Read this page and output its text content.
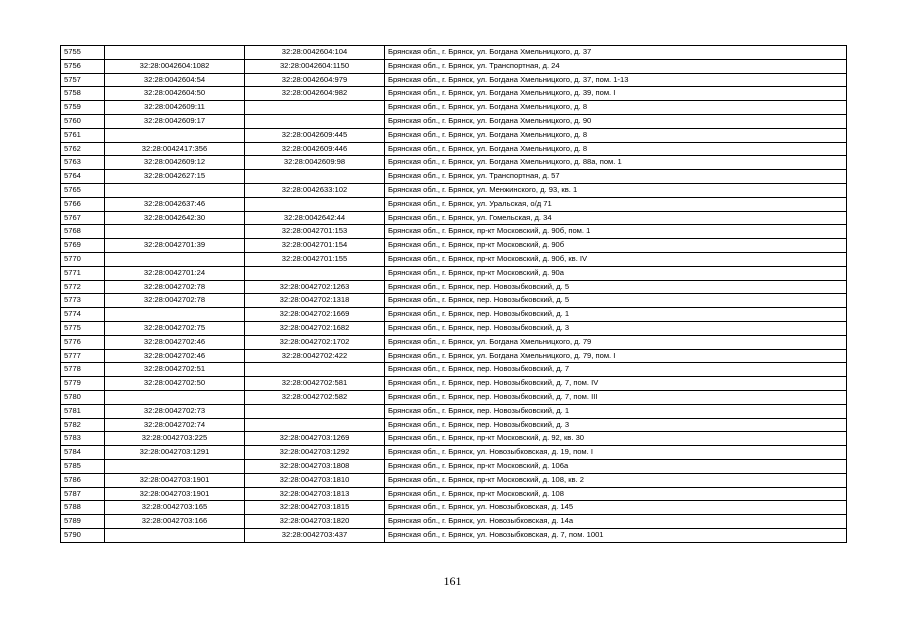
5755		32:28:0042604:104	Брянская обл., г. Брянск, ул. Богдана Хмельницкого, д. 37
5756	32:28:0042604:1082	32:28:0042604:1150	Брянская обл., г. Брянск, ул. Транспортная, д. 24
5757	32:28:0042604:54	32:28:0042604:979	Брянская обл., г. Брянск, ул. Богдана Хмельницкого, д. 37, пом. 1-13
5758	32:28:0042604:50	32:28:0042604:982	Брянская обл., г. Брянск, ул. Богдана Хмельницкого, д. 39, пом. I
5759	32:28:0042609:11		Брянская обл., г. Брянск, ул. Богдана Хмельницкого, д. 8
5760	32:28:0042609:17		Брянская обл., г. Брянск, ул. Богдана Хмельницкого, д. 90
5761		32:28:0042609:445	Брянская обл., г. Брянск, ул. Богдана Хмельницкого, д. 8
5762	32:28:0042417:356	32:28:0042609:446	Брянская обл., г. Брянск, ул. Богдана Хмельницкого, д. 8
5763	32:28:0042609:12	32:28:0042609:98	Брянская обл., г. Брянск, ул. Богдана Хмельницкого, д. 88а, пом. 1
5764	32:28:0042627:15		Брянская обл., г. Брянск, ул. Транспортная, д. 57
5765		32:28:0042633:102	Брянская обл., г. Брянск, ул. Менжинского, д. 93, кв. 1
5766	32:28:0042637:46		Брянская обл., г. Брянск, ул. Уральская, о/д 71
5767	32:28:0042642:30	32:28:0042642:44	Брянская обл., г. Брянск, ул. Гомельская, д. 34
5768		32:28:0042701:153	Брянская обл., г. Брянск, пр-кт Московский, д. 90б, пом. 1
5769	32:28:0042701:39	32:28:0042701:154	Брянская обл., г. Брянск, пр-кт Московский, д. 90б
5770		32:28:0042701:155	Брянская обл., г. Брянск, пр-кт Московский, д. 90б, кв. IV
5771	32:28:0042701:24		Брянская обл., г. Брянск, пр-кт Московский, д. 90а
5772	32:28:0042702:78	32:28:0042702:1263	Брянская обл., г. Брянск, пер. Новозыбковский, д. 5
5773	32:28:0042702:78	32:28:0042702:1318	Брянская обл., г. Брянск, пер. Новозыбковский, д. 5
5774		32:28:0042702:1669	Брянская обл., г. Брянск, пер. Новозыбковский, д. 1
5775	32:28:0042702:75	32:28:0042702:1682	Брянская обл., г. Брянск, пер. Новозыбковский, д. 3
5776	32:28:0042702:46	32:28:0042702:1702	Брянская обл., г. Брянск, ул. Богдана Хмельницкого, д. 79
5777	32:28:0042702:46	32:28:0042702:422	Брянская обл., г. Брянск, ул. Богдана Хмельницкого, д. 79, пом. I
5778	32:28:0042702:51		Брянская обл., г. Брянск, пер. Новозыбковский, д. 7
5779	32:28:0042702:50	32:28:0042702:581	Брянская обл., г. Брянск, пер. Новозыбковский, д. 7, пом. IV
5780		32:28:0042702:582	Брянская обл., г. Брянск, пер. Новозыбковский, д. 7, пом. III
5781	32:28:0042702:73		Брянская обл., г. Брянск, пер. Новозыбковский, д. 1
5782	32:28:0042702:74		Брянская обл., г. Брянск, пер. Новозыбковский, д. 3
5783	32:28:0042703:225	32:28:0042703:1269	Брянская обл., г. Брянск, пр-кт Московский, д. 92, кв. 30
5784	32:28:0042703:1291	32:28:0042703:1292	Брянская обл., г. Брянск, ул. Новозыбковская, д. 19, пом. I
5785		32:28:0042703:1808	Брянская обл., г. Брянск, пр-кт Московский, д. 106а
5786	32:28:0042703:1901	32:28:0042703:1810	Брянская обл., г. Брянск, пр-кт Московский, д. 108, кв. 2
5787	32:28:0042703:1901	32:28:0042703:1813	Брянская обл., г. Брянск, пр-кт Московский, д. 108
5788	32:28:0042703:165	32:28:0042703:1815	Брянская обл., г. Брянск, ул. Новозыбковская, д. 145
5789	32:28:0042703:166	32:28:0042703:1820	Брянская обл., г. Брянск, ул. Новозыбковская, д. 14а
5790		32:28:0042703:437	Брянская обл., г. Брянск, ул. Новозыбковская, д. 7, пом. 1001
161
